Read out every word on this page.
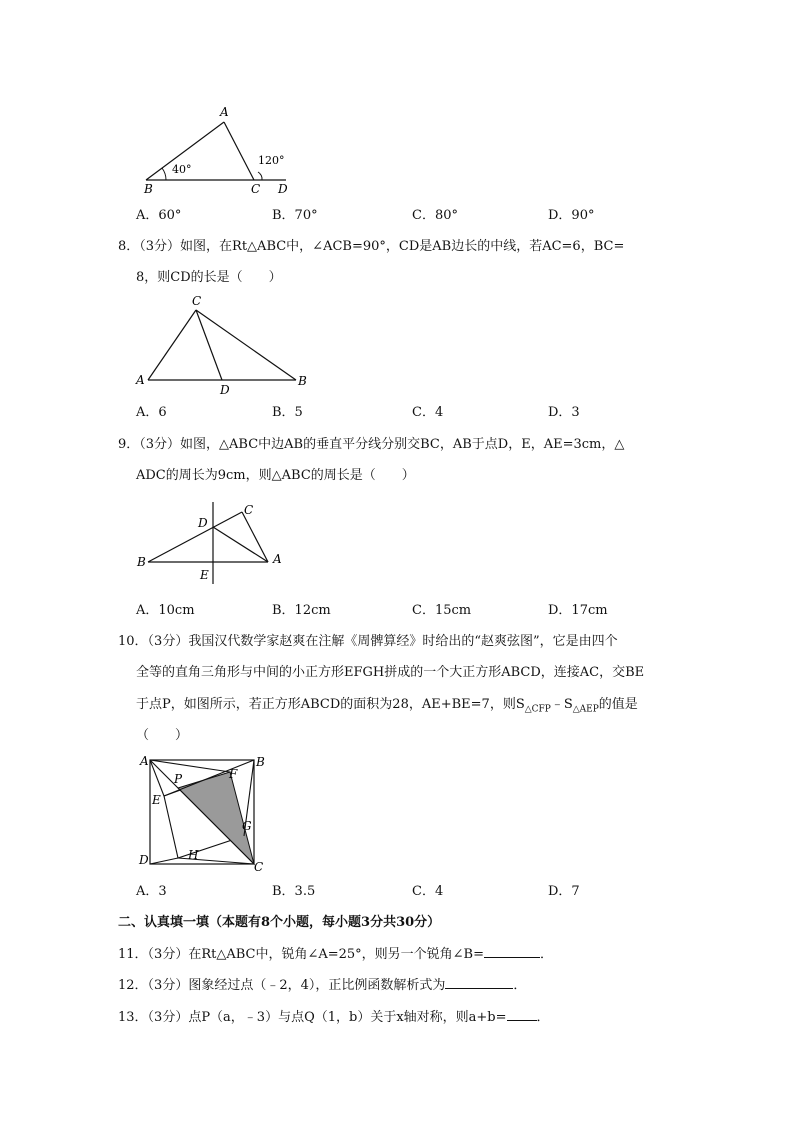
A
B	C D
40°
120°
A．60°	B．70°	C．80°	D．90°
8．（3分）如图，在Rt△ABC中，∠ACB=90°，CD是AB边长的中线，若AC=6，BC=
8，则CD的长是（　　）
C
A
D
B
A．6	B．5	C．4	D．3
9．（3分）如图，△ABC中边AB的垂直平分线分别交BC，AB于点D，E，AE=3cm，△
ADC的周长为9cm，则△ABC的周长是（　　）
D
C
B	A
E
A．10cm	B．12cm	C．15cm	D．17cm
10．（3分）我国汉代数学家赵爽在注解《周髀算经》时给出的“赵爽弦图”，它是由四个
全等的直角三角形与中间的小正方形EFGH拼成的一个大正方形ABCD，连接AC，交BE
于点P，如图所示，若正方形ABCD的面积为28，AE+BE=7，则$S_{\triangle CFP}﹣S_{\triangle AEP}$的值是
（　　）
A	B
P	F
E
G
H
D	C
A．3	B．3.5	C．4	D．7
二、认真填一填（本题有8个小题，每小题3分共30分）
11．（3分）在Rt△ABC中，锐角∠A=25°，则另一个锐角∠B=	．
12．（3分）图象经过点（﹣2，4），正比例函数解析式为	．
13．（3分）点P（a，﹣3）与点Q（1，b）关于x轴对称，则a+b= ．
